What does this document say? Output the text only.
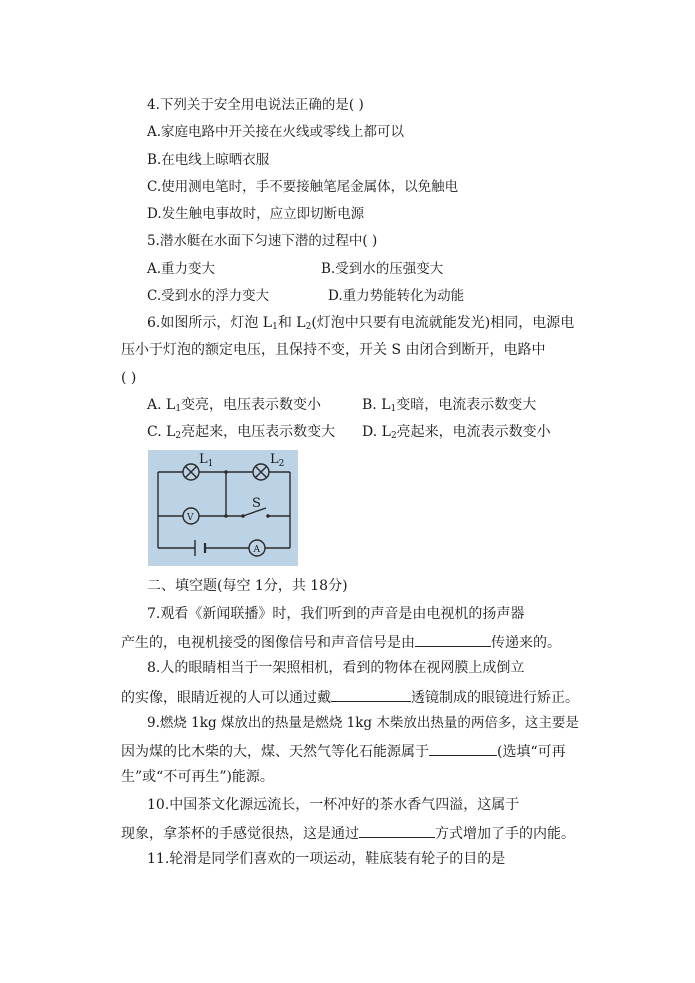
4.下列关于安全用电说法正确的是( )
A.家庭电路中开关接在火线或零线上都可以
B.在电线上晾晒衣服
C.使用测电笔时，手不要接触笔尾金属体，以免触电
D.发生触电事故时，应立即切断电源
5.潜水艇在水面下匀速下潜的过程中( )
A.重力变大	B.受到水的压强变大
C.受到水的浮力变大	D.重力势能转化为动能
6.如图所示，灯泡 $L_1$和 $L_2$(灯泡中只要有电流就能发光)相同，电源电
压小于灯泡的额定电压，且保持不变，开关 S 由闭合到断开，电路中
( )
A. $L_1$变亮，电压表示数变小	B. $L_1$变暗，电流表示数变大
C. $L_2$亮起来，电压表示数变大 D. $L_2$亮起来，电流表示数变小
$L_1$	$L_2$
S
V
A
二、填空题(每空 1分，共 18分)
7.观看《新闻联播》时，我们听到的声音是由电视机的扬声器
产生的，电视机接受的图像信号和声音信号是由	传递来的。
8.人的眼睛相当于一架照相机，看到的物体在视网膜上成倒立
的实像，眼睛近视的人可以通过戴	透镜制成的眼镜进行矫正。
9.燃烧 1kg 煤放出的热量是燃烧 1kg 木柴放出热量的两倍多，这主要是
因为煤的比木柴的大，煤、天然气等化石能源属于	(选填“可再
生”或“不可再生”)能源。
10.中国茶文化源远流长，一杯冲好的茶水香气四溢，这属于
现象，拿茶杯的手感觉很热，这是通过	方式增加了手的内能。
11.轮滑是同学们喜欢的一项运动，鞋底装有轮子的目的是
